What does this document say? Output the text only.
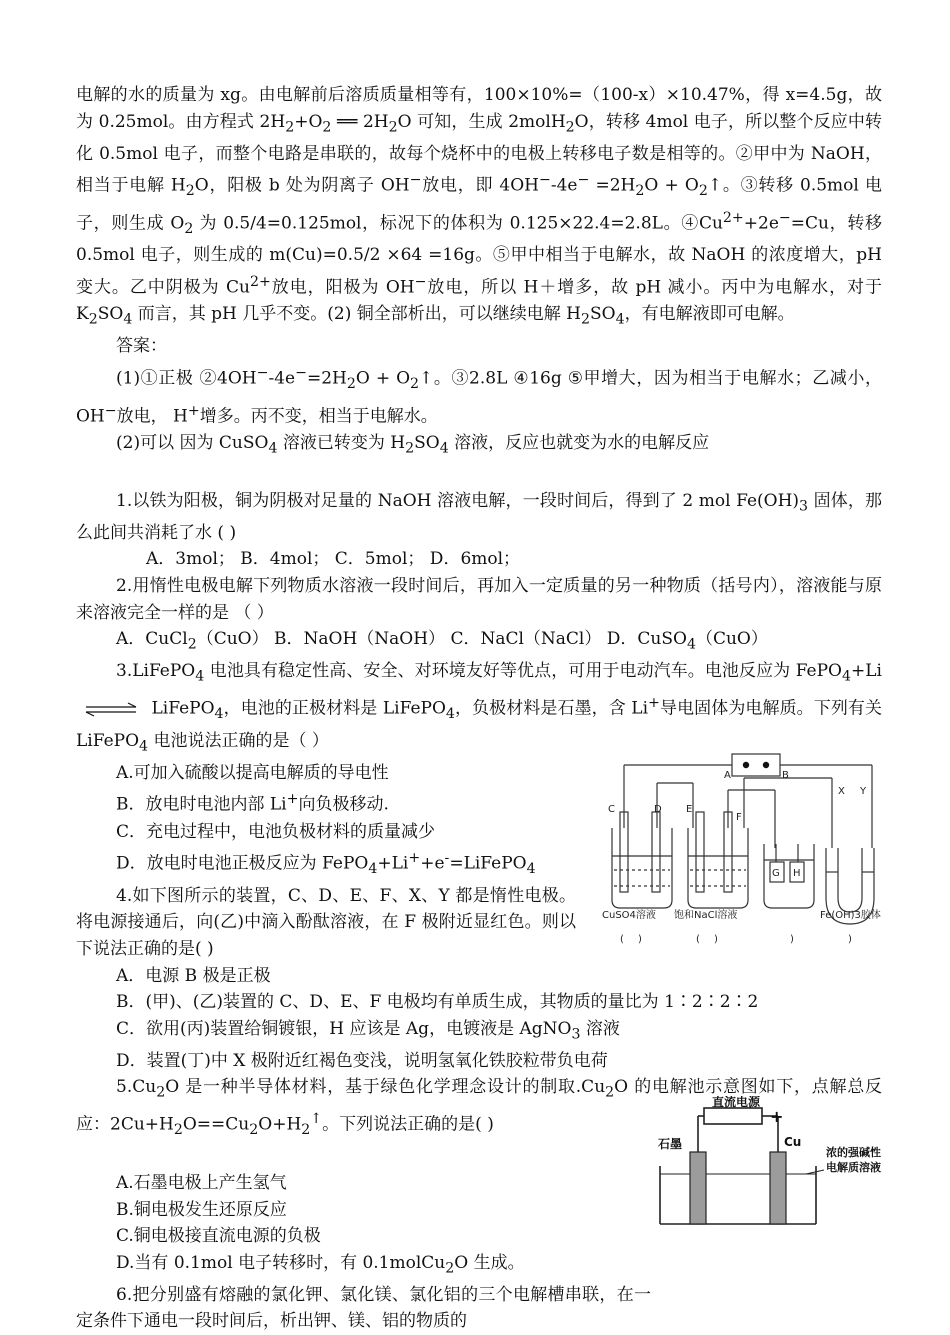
电解的水的质量为 xg。由电解前后溶质质量相等有，100×10%=（100-x）×10.47%，得 x=4.5g，故为 0.25mol。由方程式 $2H_2+O_2$ ══ $2H_2O$ 可知，生成 2molH$_2$O，转移 4mol 电子，所以整个反应中转化 0.5mol 电子，而整个电路是串联的，故每个烧杯中的电极上转移电子数是相等的。②甲中为 NaOH，相当于电解 $H_2O$，阳极 b 处为阴离子 OH−放电，即 $4OH^--4e^- =2H_2O$ + $O_2↑$。③转移 0.5mol 电子，则生成 $O_2$ 为 0.5/4=0.125mol，标况下的体积为 0.125×22.4=2.8L。$④Cu^{2+}+2e^-=Cu$，转移 0.5mol 电子，则生成的 m(Cu)=0.5/2 ×64 =16g。⑤甲中相当于电解水，故 NaOH 的浓度增大，pH 变大。乙中阴极为 $Cu^{2+}$放电，阳极为 OH−放电，所以 H＋增多，故 pH 减小。丙中为电解水，对于 $K_2SO_4$ 而言，其 pH 几乎不变。(2) 铜全部析出，可以继续电解 $H_2SO_4$，有电解液即可电解。

答案：

(1)①正极 $②4OH^--4e^-=2H_2O$ + $O_2↑$。③2.8L ④16g ⑤甲增大，因为相当于电解水；乙减小，OH−放电， H+增多。丙不变，相当于电解水。

(2)可以 因为 CuSO$_4$ 溶液已转变为 $H_2SO_4$ 溶液，反应也就变为水的电解反应

1.以铁为阳极，铜为阴极对足量的 NaOH 溶液电解，一段时间后，得到了 2 mol $Fe(OH)_3$ 固体，那么此间共消耗了水 ( )

A．3mol； B．4mol； C．5mol； D．6mol；

2.用惰性电极电解下列物质水溶液一段时间后，再加入一定质量的另一种物质（括号内），溶液能与原来溶液完全一样的是 （ ）

A．CuCl$_2$（CuO） B．NaOH（NaOH） C．NaCl（NaCl） D．CuSO$_4$（CuO）

3.LiFePO$_4$ 电池具有稳定性高、安全、对环境友好等优点，可用于电动汽车。电池反应为 FePO$_4$+Li  LiFePO$_4$，电池的正极材料是 LiFePO$_4$，负极材料是石墨，含 Li+导电固体为电解质。下列有关 LiFePO$_4$ 电池说法正确的是（ ）

A.可加入硫酸以提高电解质的导电性

B．放电时电池内部 Li+向负极移动.

C．充电过程中，电池负极材料的质量减少

D．放电时电池正极反应为 FePO$_4$+Li++e-=LiFePO$_4$

4.如下图所示的装置，C、D、E、F、X、Y 都是惰性电极。将电源接通后，向(乙)中滴入酚酞溶液，在 F 极附近显红色。则以下说法正确的是( )

A．电源 B 极是正极

B．(甲)、(乙)装置的 C、D、E、F 电极均有单质生成，其物质的量比为 1∶2∶2∶2

C．欲用(丙)装置给铜镀银，H 应该是 Ag，电镀液是 AgNO$_3$ 溶液

D．装置(丁)中 X 极附近红褐色变浅，说明氢氧化铁胶粒带负电荷

$5.Cu_2O$ 是一种半导体材料，基于绿色化学理念设计的制取$.Cu_2O$ 的电解池示意图如下，点解总反应：$2Cu+H_2O==Cu_2O+H_2^↑$。下列说法正确的是( )

A.石墨电极上产生氢气

B.铜电极发生还原反应

C.铜电极接直流电源的负极

D.当有 0.1mol 电子转移时，有 0.1molCu$_2$O 生成。

6.把分别盛有熔融的氯化钾、氯化镁、氯化铝的三个电解槽串联，在一定条件下通电一段时间后，析出钾、镁、铝的物质的

A	B
C	D E
F
X Y
G H
CuSO4溶液 饱和NaCl溶液	Fe(OH)3胶体
(	(
)	)	)	)
直流电源
+
石墨	Cu
浓的强碱性
电解质溶液
